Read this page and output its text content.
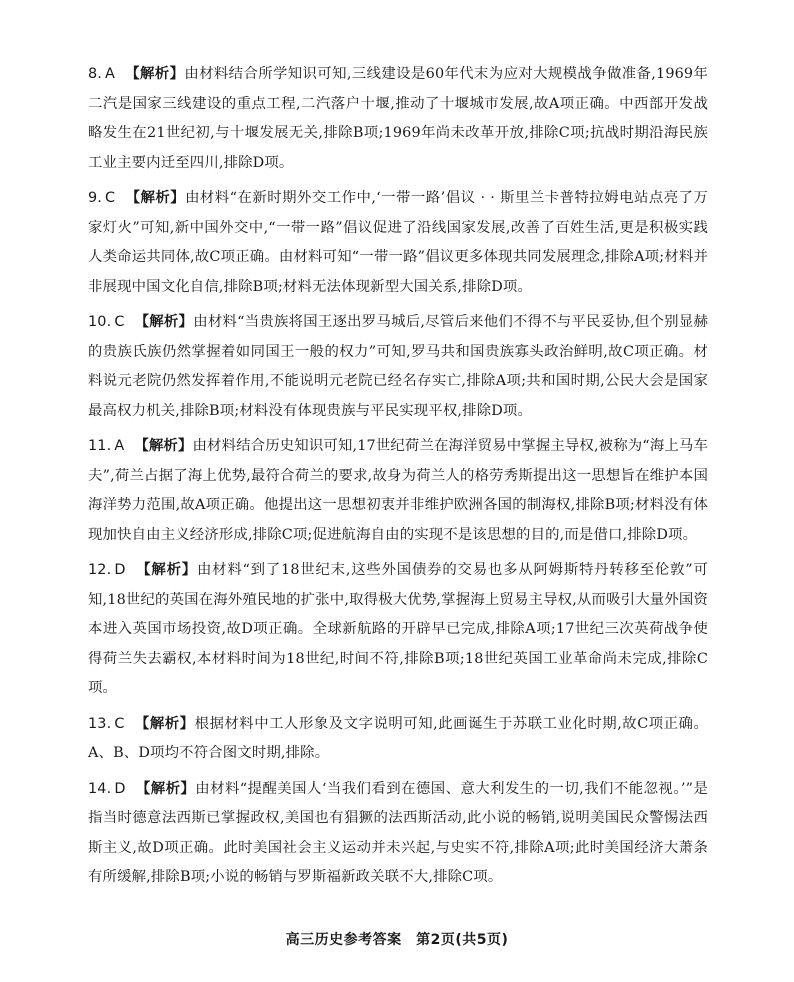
8. A 【解析】由材料结合所学知识可知,三线建设是60年代末为应对大规模战争做准备,1969年二汽是国家三线建设的重点工程,二汽落户十堰,推动了十堰城市发展,故A项正确。中西部开发战略发生在21世纪初,与十堰发展无关,排除B项;1969年尚未改革开放,排除C项;抗战时期沿海民族工业主要内迁至四川,排除D项。

9. C 【解析】由材料“在新时期外交工作中,‘一带一路’倡议 · · 斯里兰卡普特拉姆电站点亮了万家灯火”可知,新中国外交中,“一带一路”倡议促进了沿线国家发展,改善了百姓生活,更是积极实践人类命运共同体,故C项正确。由材料可知“一带一路”倡议更多体现共同发展理念,排除A项;材料并非展现中国文化自信,排除B项;材料无法体现新型大国关系,排除D项。

10. C 【解析】由材料“当贵族将国王逐出罗马城后,尽管后来他们不得不与平民妥协,但个别显赫的贵族氏族仍然掌握着如同国王一般的权力”可知,罗马共和国贵族寡头政治鲜明,故C项正确。材料说元老院仍然发挥着作用,不能说明元老院已经名存实亡,排除A项;共和国时期,公民大会是国家最高权力机关,排除B项;材料没有体现贵族与平民实现平权,排除D项。

11. A 【解析】由材料结合历史知识可知,17世纪荷兰在海洋贸易中掌握主导权,被称为“海上马车夫”,荷兰占据了海上优势,最符合荷兰的要求,故身为荷兰人的格劳秀斯提出这一思想旨在维护本国海洋势力范围,故A项正确。他提出这一思想初衷并非维护欧洲各国的制海权,排除B项;材料没有体现加快自由主义经济形成,排除C项;促进航海自由的实现不是该思想的目的,而是借口,排除D项。

12. D 【解析】由材料“到了18世纪末,这些外国债券的交易也多从阿姆斯特丹转移至伦敦”可知,18世纪的英国在海外殖民地的扩张中,取得极大优势,掌握海上贸易主导权,从而吸引大量外国资本进入英国市场投资,故D项正确。全球新航路的开辟早已完成,排除A项;17世纪三次英荷战争使得荷兰失去霸权,本材料时间为18世纪,时间不符,排除B项;18世纪英国工业革命尚未完成,排除C项。

13. C 【解析】根据材料中工人形象及文字说明可知,此画诞生于苏联工业化时期,故C项正确。A、B、D项均不符合图文时期,排除。

14. D 【解析】由材料“提醒美国人‘当我们看到在德国、意大利发生的一切,我们不能忽视。’”是指当时德意法西斯已掌握政权,美国也有猖獗的法西斯活动,此小说的畅销,说明美国民众警惕法西斯主义,故D项正确。此时美国社会主义运动并未兴起,与史实不符,排除A项;此时美国经济大萧条有所缓解,排除B项;小说的畅销与罗斯福新政关联不大,排除C项。

高三历史参考答案　第2页(共5页)
